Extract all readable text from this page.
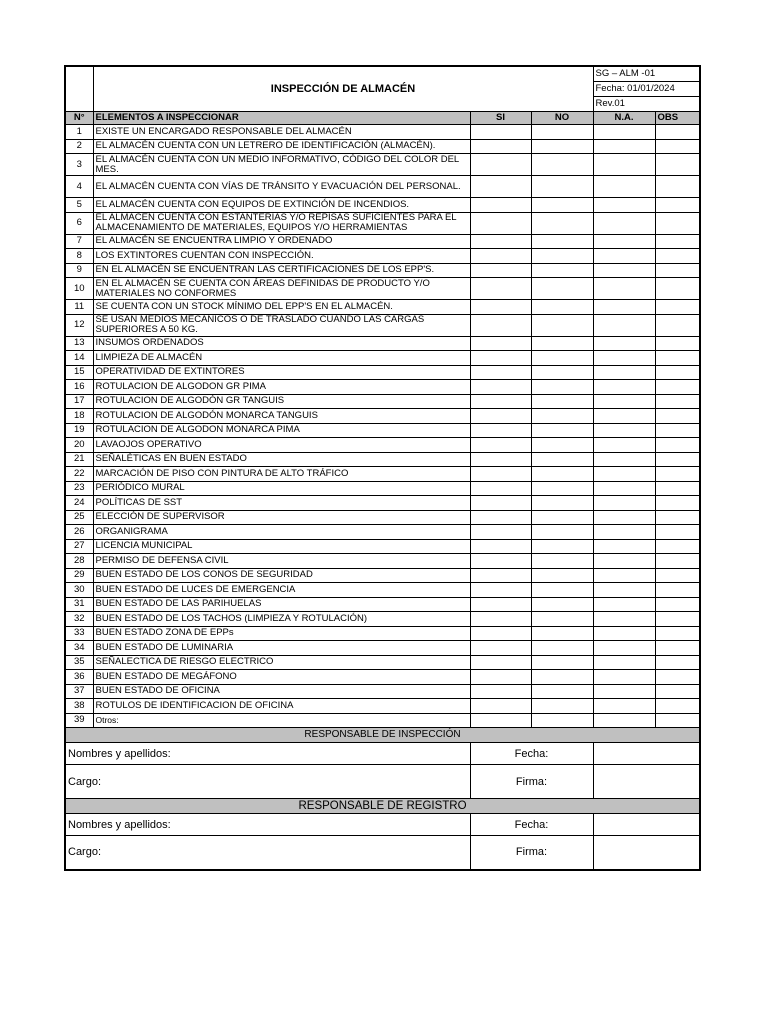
	INSPECCIÓN DE ALMACÉN			SG – ALM -01	
				Fecha: 01/01/2024	
				Rev.01	
N°	ELEMENTOS A INSPECCIONAR	SI	NO	N.A.	OBS
1	EXISTE UN ENCARGADO RESPONSABLE DEL ALMACÉN				
2	EL ALMACÉN CUENTA CON UN LETRERO DE IDENTIFICACIÓN (ALMACÉN).				
3	EL ALMACÉN CUENTA CON UN MEDIO INFORMATIVO, CÓDIGO DEL COLOR DEL MES.				
4	EL ALMACÉN CUENTA CON VÍAS DE TRÁNSITO Y EVACUACIÓN DEL PERSONAL.				
5	EL ALMACÉN CUENTA CON EQUIPOS DE EXTINCIÓN DE INCENDIOS.				
6	EL ALMACÉN CUENTA CON ESTANTERÍAS Y/O REPISAS SUFICIENTES PARA EL ALMACENAMIENTO DE MATERIALES, EQUIPOS Y/O HERRAMIENTAS				
7	EL ALMACÉN SE ENCUENTRA LIMPIO Y ORDENADO				
8	LOS EXTINTORES CUENTAN CON INSPECCIÓN.				
9	EN EL ALMACÉN SE ENCUENTRAN LAS CERTIFICACIONES DE LOS EPP'S.				
10	EN EL ALMACÉN SE CUENTA CON ÁREAS DEFINIDAS DE PRODUCTO Y/O MATERIALES NO CONFORMES				
11	SE CUENTA CON UN STOCK MÍNIMO DEL EPP'S EN EL ALMACÉN.				
12	SE USAN MEDIOS MECÁNICOS O DE TRASLADO CUANDO LAS CARGAS SUPERIORES A 50 KG.				
13	INSUMOS ORDENADOS				
14	LIMPIEZA DE ALMACÉN				
15	OPERATIVIDAD DE EXTINTORES				
16	ROTULACION DE ALGODON GR PIMA				
17	ROTULACION DE ALGODÓN GR TANGUIS				
18	ROTULACION DE ALGODÓN MONARCA TANGUIS				
19	ROTULACION DE ALGODON MONARCA PIMA				
20	LAVAOJOS OPERATIVO				
21	SEÑALÉTICAS EN BUEN ESTADO				
22	MARCACIÓN DE PISO CON PINTURA DE ALTO TRÁFICO				
23	PERIÓDICO MURAL				
24	POLÍTICAS DE SST				
25	ELECCIÓN DE SUPERVISOR				
26	ORGANIGRAMA				
27	LICENCIA MUNICIPAL				
28	PERMISO DE DEFENSA CIVIL				
29	BUEN ESTADO DE LOS CONOS DE SEGURIDAD				
30	BUEN ESTADO DE LUCES DE EMERGENCIA				
31	BUEN ESTADO DE LAS PARIHUELAS				
32	BUEN ESTADO DE LOS TACHOS (LIMPIEZA Y ROTULACIÓN)				
33	BUEN ESTADO ZONA DE EPPs				
34	BUEN ESTADO DE LUMINARIA				
35	SEÑALECTICA DE RIESGO ELECTRICO				
36	BUEN ESTADO DE MEGÁFONO				
37	BUEN ESTADO DE OFICINA				
38	ROTULOS DE IDENTIFICACION DE OFICINA				
39	Otros:				
RESPONSABLE DE INSPECCIÓN					
Nombres y apellidos:		Fecha:			
Cargo:		Firma:			
RESPONSABLE DE REGISTRO					
Nombres y apellidos:		Fecha:			
Cargo:		Firma:			
